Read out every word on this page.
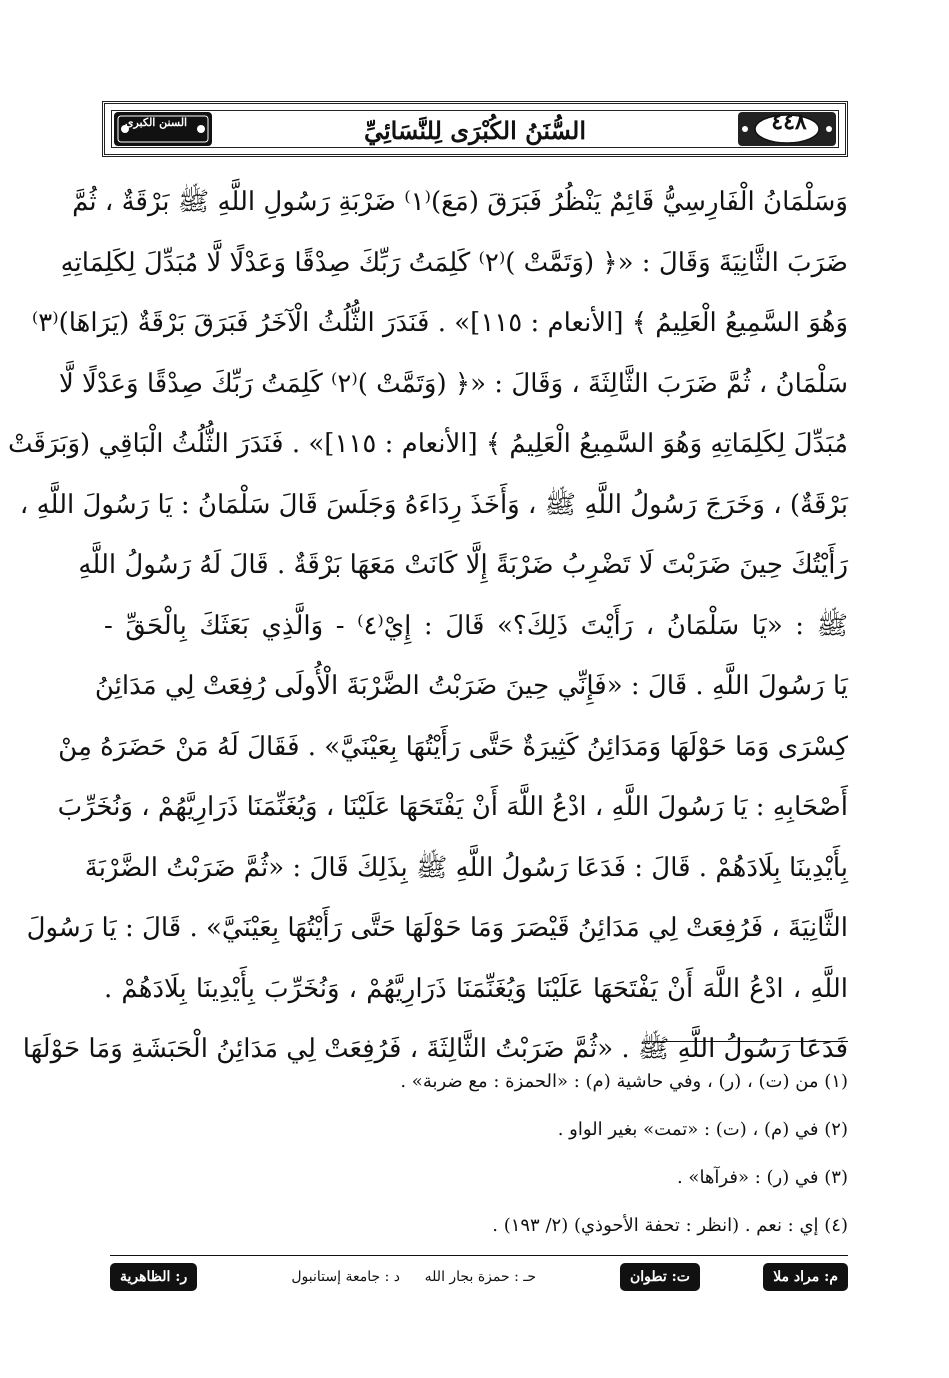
السنن الكبرى	٤٤٨
السُّنَنُ الكُبْرَى لِلنَّسَائِيِّ
وَسَلْمَانُ الْفَارِسِيُّ قَائِمٌ يَنْظُرُ فَبَرَقَ (مَعَ)⁽١⁾ ضَرْبَةِ رَسُولِ اللَّهِ ﷺ بَرْقَةٌ ، ثُمَّ
ضَرَبَ الثَّانِيَةَ وَقَالَ : «﴿ (وَتَمَّتْ )⁽٢⁾ كَلِمَتُ رَبِّكَ صِدْقًا وَعَدْلًا لَّا مُبَدِّلَ لِكَلِمَاتِهِ
وَهُوَ السَّمِيعُ الْعَلِيمُ ﴾ [الأنعام : ١١٥]» . فَنَدَرَ الثُّلُثُ الْآخَرُ فَبَرَقَ بَرْقَةٌ (يَرَاهَا)⁽٣⁾
سَلْمَانُ ، ثُمَّ ضَرَبَ الثَّالِثَةَ ، وَقَالَ : «﴿ (وَتَمَّتْ )⁽٢⁾ كَلِمَتُ رَبِّكَ صِدْقًا وَعَدْلًا لَّا
مُبَدِّلَ لِكَلِمَاتِهِ وَهُوَ السَّمِيعُ الْعَلِيمُ ﴾ [الأنعام : ١١٥]» . فَنَدَرَ الثُّلُثُ الْبَاقِي (وَبَرَقَتْ
بَرْقَةٌ) ، وَخَرَجَ رَسُولُ اللَّهِ ﷺ ، وَأَخَذَ رِدَاءَهُ وَجَلَسَ قَالَ سَلْمَانُ : يَا رَسُولَ اللَّهِ ،
رَأَيْتُكَ حِينَ ضَرَبْتَ لَا تَضْرِبُ ضَرْبَةً إِلَّا كَانَتْ مَعَهَا بَرْقَةٌ . قَالَ لَهُ رَسُولُ اللَّهِ
ﷺ : «يَا سَلْمَانُ ، رَأَيْتَ ذَلِكَ؟» قَالَ : إِيْ⁽٤⁾ - وَالَّذِي بَعَثَكَ بِالْحَقِّ -
يَا رَسُولَ اللَّهِ . قَالَ : «فَإِنِّي حِينَ ضَرَبْتُ الضَّرْبَةَ الْأُولَى رُفِعَتْ لِي مَدَائِنُ
كِسْرَى وَمَا حَوْلَهَا وَمَدَائِنُ كَثِيرَةٌ حَتَّى رَأَيْتُهَا بِعَيْنَيَّ» . فَقَالَ لَهُ مَنْ حَضَرَهُ مِنْ
أَصْحَابِهِ : يَا رَسُولَ اللَّهِ ، ادْعُ اللَّهَ أَنْ يَفْتَحَهَا عَلَيْنَا ، وَيُغَنِّمَنَا ذَرَارِيَّهُمْ ، وَنُخَرِّبَ
بِأَيْدِينَا بِلَادَهُمْ . قَالَ : فَدَعَا رَسُولُ اللَّهِ ﷺ بِذَلِكَ قَالَ : «ثُمَّ ضَرَبْتُ الضَّرْبَةَ
الثَّانِيَةَ ، فَرُفِعَتْ لِي مَدَائِنُ قَيْصَرَ وَمَا حَوْلَهَا حَتَّى رَأَيْتُهَا بِعَيْنَيَّ» . قَالَ : يَا رَسُولَ
اللَّهِ ، ادْعُ اللَّهَ أَنْ يَفْتَحَهَا عَلَيْنَا وَيُغَنِّمَنَا ذَرَارِيَّهُمْ ، وَنُخَرِّبَ بِأَيْدِينَا بِلَادَهُمْ .
فَدَعَا رَسُولُ اللَّهِ ﷺ . «ثُمَّ ضَرَبْتُ الثَّالِثَةَ ، فَرُفِعَتْ لِي مَدَائِنُ الْحَبَشَةِ وَمَا حَوْلَهَا
(١) من (ت) ، (ر) ، وفي حاشية (م) : «الحمزة : مع ضربة» .
(٢) في (م) ، (ت) : «تمت» بغير الواو .
(٣) في (ر) : «فرآها» .
(٤) إي : نعم . (انظر : تحفة الأحوذي) (٢/ ١٩٣) .
م: مراد ملا
ت: تطوان
حـ : حمزة بجار الله
د : جامعة إستانبول
ر: الظاهرية
